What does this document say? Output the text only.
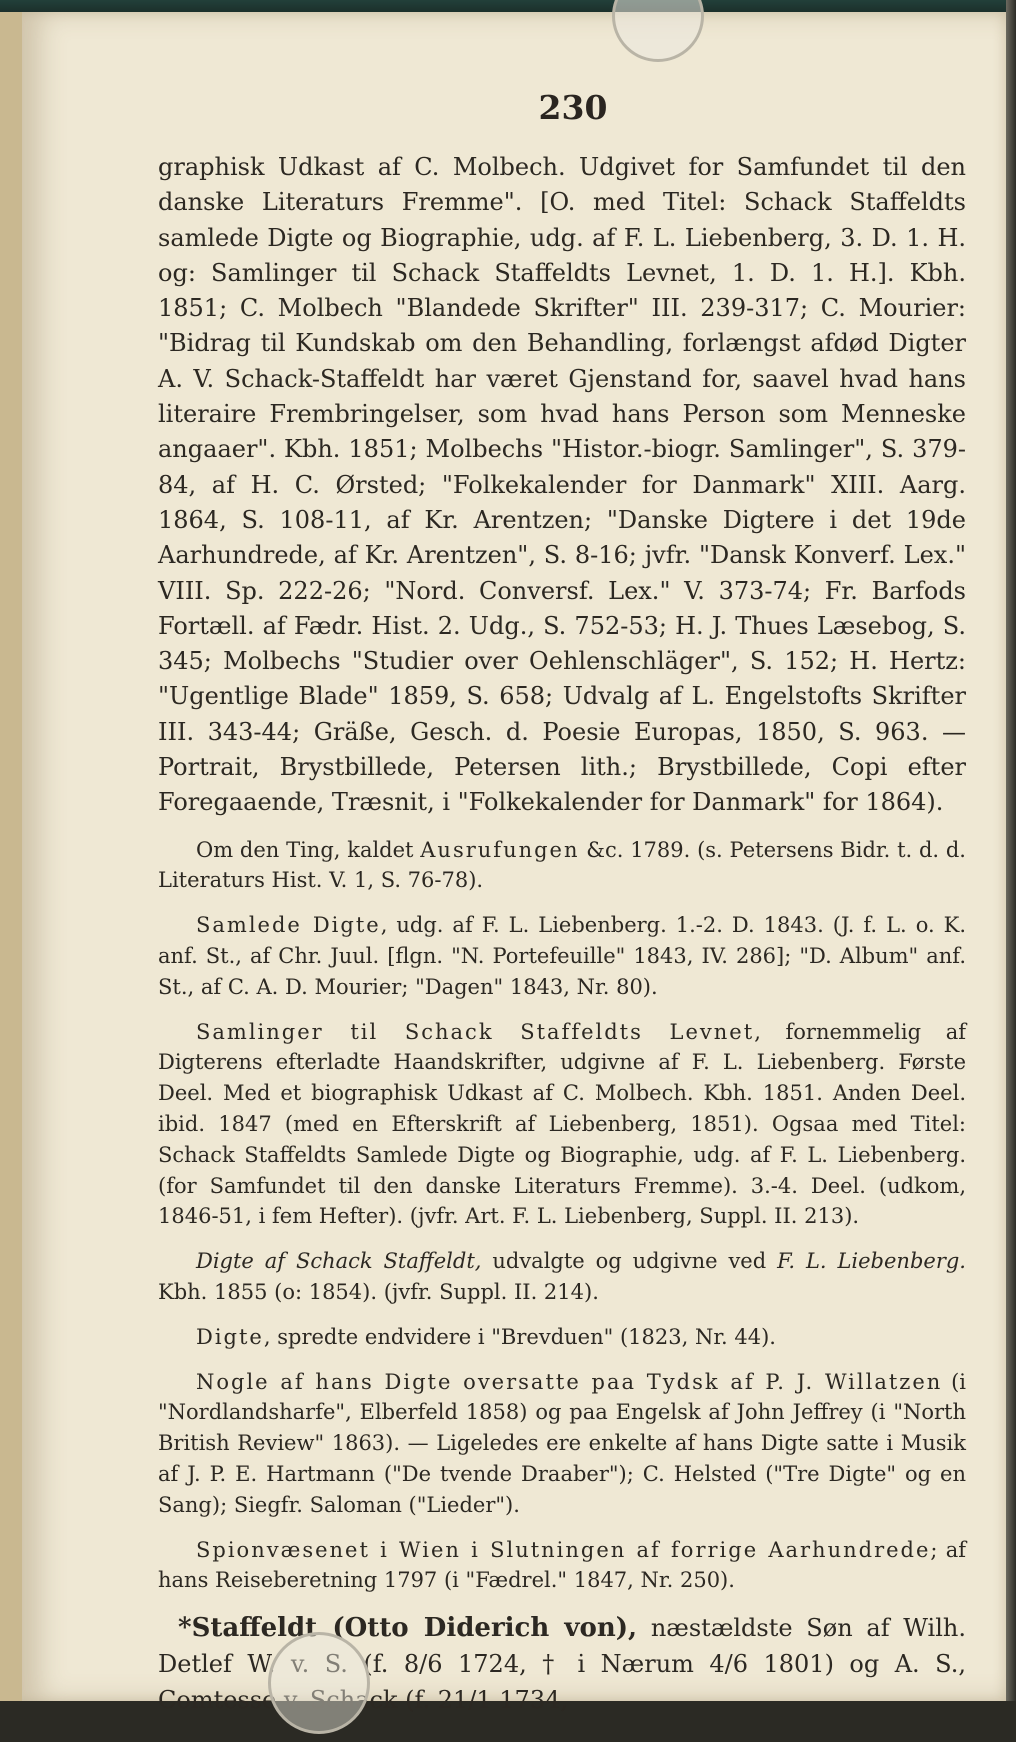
230

graphisk Udkast af C. Molbech. Udgivet for Samfundet til den danske Literaturs Fremme". [O. med Titel: Schack Staffeldts samlede Digte og Biographie, udg. af F. L. Liebenberg, 3. D. 1. H. og: Samlinger til Schack Staffeldts Levnet, 1. D. 1. H.]. Kbh. 1851; C. Molbech "Blandede Skrifter" III. 239-317; C. Mourier: "Bidrag til Kundskab om den Behandling, forlængst afdød Digter A. V. Schack-Staffeldt har været Gjenstand for, saavel hvad hans literaire Frembringelser, som hvad hans Person som Menneske angaaer". Kbh. 1851; Molbechs "Histor.-biogr. Samlinger", S. 379-84, af H. C. Ørsted; "Folkekalender for Danmark" XIII. Aarg. 1864, S. 108-11, af Kr. Arentzen; "Danske Digtere i det 19de Aarhundrede, af Kr. Arentzen", S. 8-16; jvfr. "Dansk Konverf. Lex." VIII. Sp. 222-26; "Nord. Conversf. Lex." V. 373-74; Fr. Barfods Fortæll. af Fædr. Hist. 2. Udg., S. 752-53; H. J. Thues Læsebog, S. 345; Molbechs "Studier over Oehlenschläger", S. 152; H. Hertz: "Ugentlige Blade" 1859, S. 658; Udvalg af L. Engelstofts Skrifter III. 343-44; Gräße, Gesch. d. Poesie Europas, 1850, S. 963. — Portrait, Brystbillede, Petersen lith.; Brystbillede, Copi efter Foregaaende, Træsnit, i "Folkekalender for Danmark" for 1864).

Om den Ting, kaldet Ausrufungen &c. 1789. (s. Petersens Bidr. t. d. d. Literaturs Hist. V. 1, S. 76-78).

Samlede Digte, udg. af F. L. Liebenberg. 1.-2. D. 1843. (J. f. L. o. K. anf. St., af Chr. Juul. [flgn. "N. Portefeuille" 1843, IV. 286]; "D. Album" anf. St., af C. A. D. Mourier; "Dagen" 1843, Nr. 80).

Samlinger til Schack Staffeldts Levnet, fornemmelig af Digterens efterladte Haandskrifter, udgivne af F. L. Liebenberg. Første Deel. Med et biographisk Udkast af C. Molbech. Kbh. 1851. Anden Deel. ibid. 1847 (med en Efterskrift af Liebenberg, 1851). Ogsaa med Titel: Schack Staffeldts Samlede Digte og Biographie, udg. af F. L. Liebenberg. (for Samfundet til den danske Literaturs Fremme). 3.-4. Deel. (udkom, 1846-51, i fem Hefter). (jvfr. Art. F. L. Liebenberg, Suppl. II. 213).

Digte af Schack Staffeldt, udvalgte og udgivne ved F. L. Liebenberg. Kbh. 1855 (o: 1854). (jvfr. Suppl. II. 214).

Digte, spredte endvidere i "Brevduen" (1823, Nr. 44).

Nogle af hans Digte oversatte paa Tydsk af P. J. Willatzen (i "Nordlandsharfe", Elberfeld 1858) og paa Engelsk af John Jeffrey (i "North British Review" 1863). — Ligeledes ere enkelte af hans Digte satte i Musik af J. P. E. Hartmann ("De tvende Draaber"); C. Helsted ("Tre Digte" og en Sang); Siegfr. Saloman ("Lieder").

Spionvæsenet i Wien i Slutningen af forrige Aarhundrede; af hans Reiseberetning 1797 (i "Fædrel." 1847, Nr. 250).

*Staffeldt (Otto Diderich von), næstældste Søn af Wilh. Detlef W. v. S. (f. 8/6 1724, † i Nærum 4/6 1801) og A. S., Comtesse v. Schack (f. 21/1 1734,
